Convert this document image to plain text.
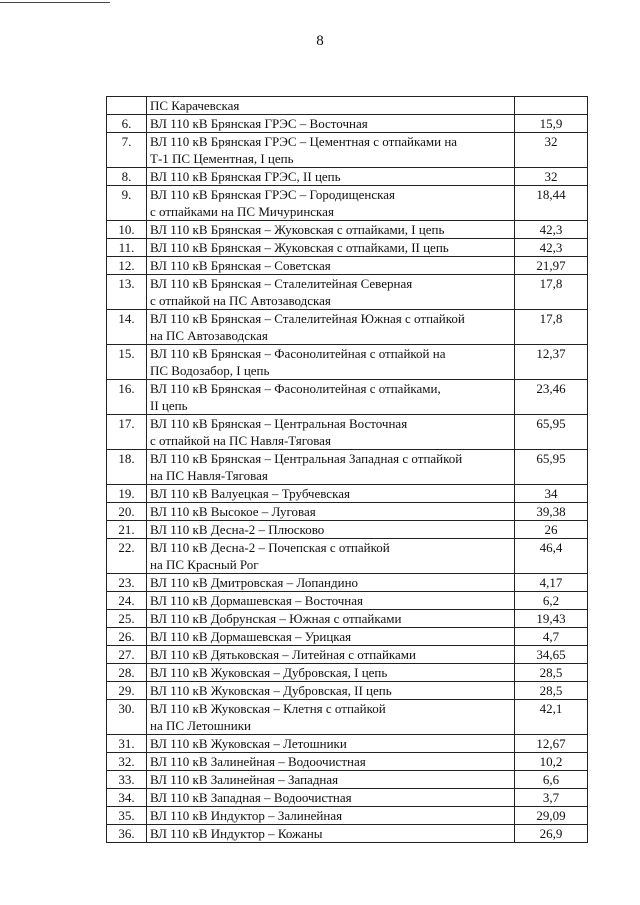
8

	ПС Карачевская	

6.	ВЛ 110 кВ Брянская ГРЭС – Восточная	15,9
7.	ВЛ 110 кВ Брянская ГРЭС – Цементная с отпайками на
Т-1 ПС Цементная, I цепь	32
8.	ВЛ 110 кВ Брянская ГРЭС, II цепь	32
9.	ВЛ 110 кВ Брянская ГРЭС – Городищенская
с отпайками на ПС Мичуринская	18,44
10.	ВЛ 110 кВ Брянская – Жуковская с отпайками, I цепь	42,3
11.	ВЛ 110 кВ Брянская – Жуковская с отпайками, II цепь	42,3
12.	ВЛ 110 кВ Брянская – Советская	21,97
13.	ВЛ 110 кВ Брянская – Сталелитейная Северная
с отпайкой на ПС Автозаводская	17,8
14.	ВЛ 110 кВ Брянская – Сталелитейная Южная с отпайкой
на ПС Автозаводская	17,8
15.	ВЛ 110 кВ Брянская – Фасонолитейная с отпайкой на
ПС Водозабор, I цепь	12,37
16.	ВЛ 110 кВ Брянская – Фасонолитейная с отпайками,
II цепь	23,46
17.	ВЛ 110 кВ Брянская – Центральная Восточная
с отпайкой на ПС Навля-Тяговая	65,95
18.	ВЛ 110 кВ Брянская – Центральная Западная с отпайкой
на ПС Навля-Тяговая	65,95
19.	ВЛ 110 кВ Валуецкая – Трубчевская	34
20.	ВЛ 110 кВ Высокое – Луговая	39,38
21.	ВЛ 110 кВ Десна-2 – Плюсково	26
22.	ВЛ 110 кВ Десна-2 – Почепская с отпайкой
на ПС Красный Рог	46,4
23.	ВЛ 110 кВ Дмитровская – Лопандино	4,17
24.	ВЛ 110 кВ Дормашевская – Восточная	6,2
25.	ВЛ 110 кВ Добрунская – Южная с отпайками	19,43
26.	ВЛ 110 кВ Дормашевская – Урицкая	4,7
27.	ВЛ 110 кВ Дятьковская – Литейная с отпайками	34,65
28.	ВЛ 110 кВ Жуковская – Дубровская, I цепь	28,5
29.	ВЛ 110 кВ Жуковская – Дубровская, II цепь	28,5
30.	ВЛ 110 кВ Жуковская – Клетня с отпайкой
на ПС Летошники	42,1
31.	ВЛ 110 кВ Жуковская – Летошники	12,67
32.	ВЛ 110 кВ Залинейная – Водоочистная	10,2
33.	ВЛ 110 кВ Залинейная – Западная	6,6
34.	ВЛ 110 кВ Западная – Водоочистная	3,7
35.	ВЛ 110 кВ Индуктор – Залинейная	29,09
36.	ВЛ 110 кВ Индуктор – Кожаны	26,9
